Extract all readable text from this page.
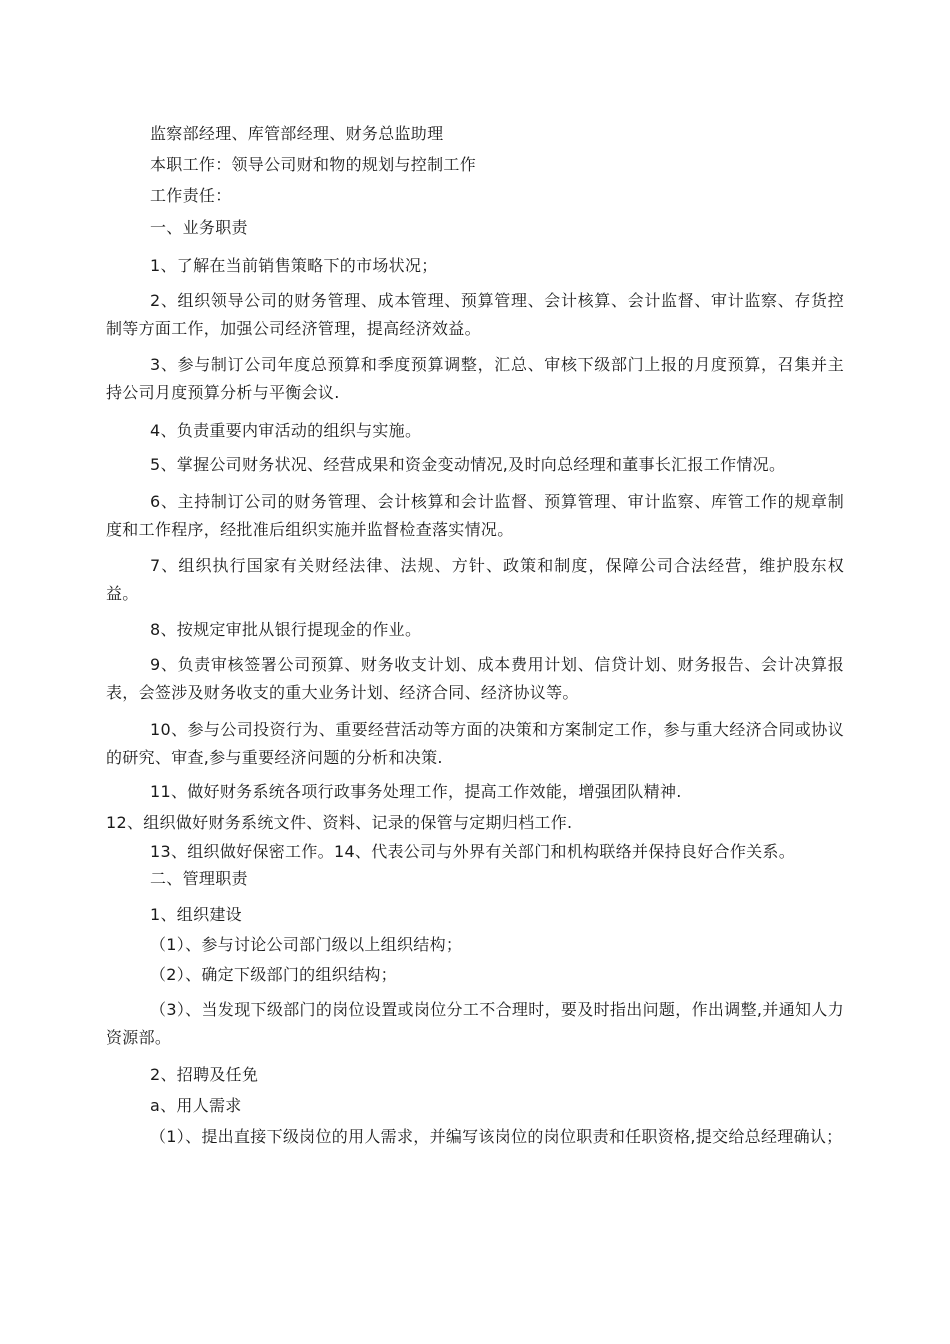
监察部经理、库管部经理、财务总监助理
本职工作：领导公司财和物的规划与控制工作
工作责任：
一、业务职责
1、了解在当前销售策略下的市场状况；
2、组织领导公司的财务管理、成本管理、预算管理、会计核算、会计监督、审计监察、存货控制等方面工作，加强公司经济管理，提高经济效益。
3、参与制订公司年度总预算和季度预算调整，汇总、审核下级部门上报的月度预算，召集并主持公司月度预算分析与平衡会议.
4、负责重要内审活动的组织与实施。
5、掌握公司财务状况、经营成果和资金变动情况,及时向总经理和董事长汇报工作情况。
6、主持制订公司的财务管理、会计核算和会计监督、预算管理、审计监察、库管工作的规章制度和工作程序，经批准后组织实施并监督检查落实情况。
7、组织执行国家有关财经法律、法规、方针、政策和制度，保障公司合法经营，维护股东权益。
8、按规定审批从银行提现金的作业。
9、负责审核签署公司预算、财务收支计划、成本费用计划、信贷计划、财务报告、会计决算报表，会签涉及财务收支的重大业务计划、经济合同、经济协议等。
10、参与公司投资行为、重要经营活动等方面的决策和方案制定工作，参与重大经济合同或协议的研究、审查,参与重要经济问题的分析和决策.
11、做好财务系统各项行政事务处理工作，提高工作效能，增强团队精神.
12、组织做好财务系统文件、资料、记录的保管与定期归档工作.
13、组织做好保密工作。14、代表公司与外界有关部门和机构联络并保持良好合作关系。
二、管理职责
1、组织建设
（1）、参与讨论公司部门级以上组织结构；
（2）、确定下级部门的组织结构；
（3）、当发现下级部门的岗位设置或岗位分工不合理时，要及时指出问题，作出调整,并通知人力资源部。
2、招聘及任免
a、用人需求
（1）、提出直接下级岗位的用人需求，并编写该岗位的岗位职责和任职资格,提交给总经理确认；
